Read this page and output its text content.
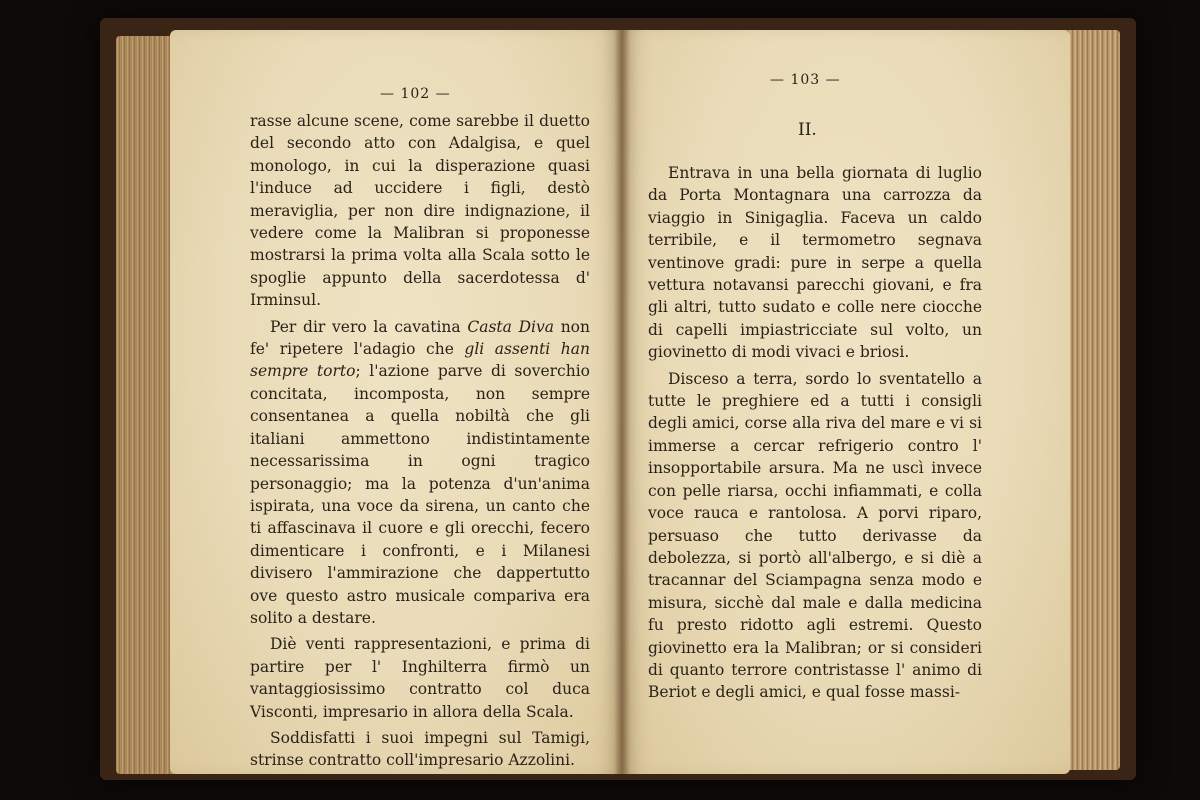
— 102 —

rasse alcune scene, come sarebbe il duetto del secondo atto con Adalgisa, e quel monologo, in cui la disperazione quasi l'induce ad uccidere i figli, destò meraviglia, per non dire indignazione, il vedere come la Malibran si proponesse mostrarsi la prima volta alla Scala sotto le spoglie appunto della sacerdotessa d' Irminsul.

Per dir vero la cavatina Casta Diva non fe' ripetere l'adagio che gli assenti han sempre torto; l'azione parve di soverchio concitata, incomposta, non sempre consentanea a quella nobiltà che gli italiani ammettono indistintamente necessarissima in ogni tragico personaggio; ma la potenza d'un'anima ispirata, una voce da sirena, un canto che ti affascinava il cuore e gli orecchi, fecero dimenticare i confronti, e i Milanesi divisero l'ammirazione che dappertutto ove questo astro musicale compariva era solito a destare.

Diè venti rappresentazioni, e prima di partire per l' Inghilterra firmò un vantaggiosissimo contratto col duca Visconti, impresario in allora della Scala.

Soddisfatti i suoi impegni sul Tamigi, strinse contratto coll'impresario Azzolini.

— 103 —
II.

Entrava in una bella giornata di luglio da Porta Montagnara una carrozza da viaggio in Sinigaglia. Faceva un caldo terribile, e il termometro segnava ventinove gradi: pure in serpe a quella vettura notavansi parecchi giovani, e fra gli altri, tutto sudato e colle nere ciocche di capelli impiastricciate sul volto, un giovinetto di modi vivaci e briosi.

Disceso a terra, sordo lo sventatello a tutte le preghiere ed a tutti i consigli degli amici, corse alla riva del mare e vi si immerse a cercar refrigerio contro l' insopportabile arsura. Ma ne uscì invece con pelle riarsa, occhi infiammati, e colla voce rauca e rantolosa. A porvi riparo, persuaso che tutto derivasse da debolezza, si portò all'albergo, e si diè a tracannar del Sciampagna senza modo e misura, sicchè dal male e dalla medicina fu presto ridotto agli estremi. Questo giovinetto era la Malibran; or si consideri di quanto terrore contristasse l' animo di Beriot e degli amici, e qual fosse massi-
